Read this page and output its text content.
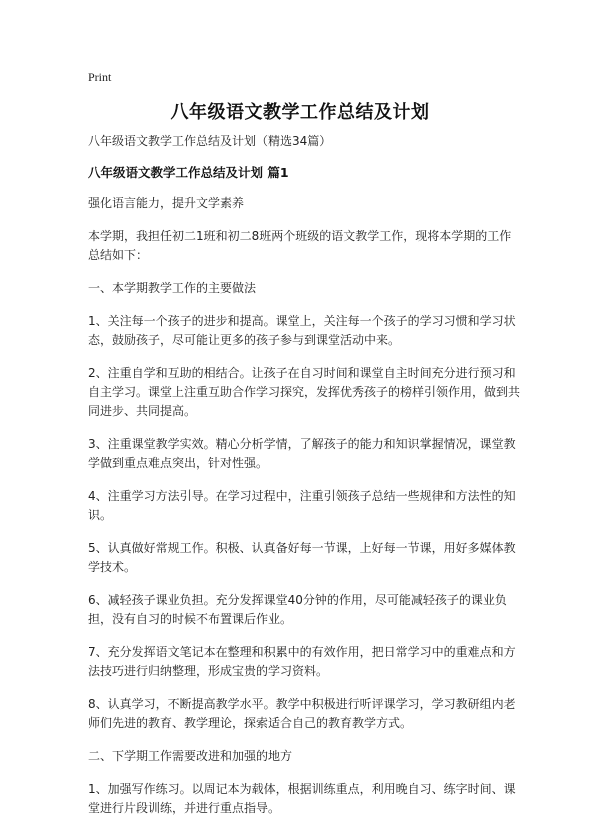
Print
八年级语文教学工作总结及计划
八年级语文教学工作总结及计划（精选34篇）
八年级语文教学工作总结及计划 篇1
强化语言能力，提升文学素养
本学期，我担任初二1班和初二8班两个班级的语文教学工作，现将本学期的工作总结如下：
一、本学期教学工作的主要做法
1、关注每一个孩子的进步和提高。课堂上，关注每一个孩子的学习习惯和学习状态，鼓励孩子，尽可能让更多的孩子参与到课堂活动中来。
2、注重自学和互助的相结合。让孩子在自习时间和课堂自主时间充分进行预习和自主学习。课堂上注重互助合作学习探究，发挥优秀孩子的榜样引领作用，做到共同进步、共同提高。
3、注重课堂教学实效。精心分析学情，了解孩子的能力和知识掌握情况，课堂教学做到重点难点突出，针对性强。
4、注重学习方法引导。在学习过程中，注重引领孩子总结一些规律和方法性的知识。
5、认真做好常规工作。积极、认真备好每一节课，上好每一节课，用好多媒体教学技术。
6、减轻孩子课业负担。充分发挥课堂40分钟的作用，尽可能减轻孩子的课业负担，没有自习的时候不布置课后作业。
7、充分发挥语文笔记本在整理和积累中的有效作用，把日常学习中的重难点和方法技巧进行归纳整理，形成宝贵的学习资料。
8、认真学习，不断提高教学水平。教学中积极进行听评课学习，学习教研组内老师们先进的教育、教学理论，探索适合自己的教育教学方式。
二、下学期工作需要改进和加强的地方
1、加强写作练习。以周记本为载体，根据训练重点，利用晚自习、练字时间、课堂进行片段训练，并进行重点指导。
